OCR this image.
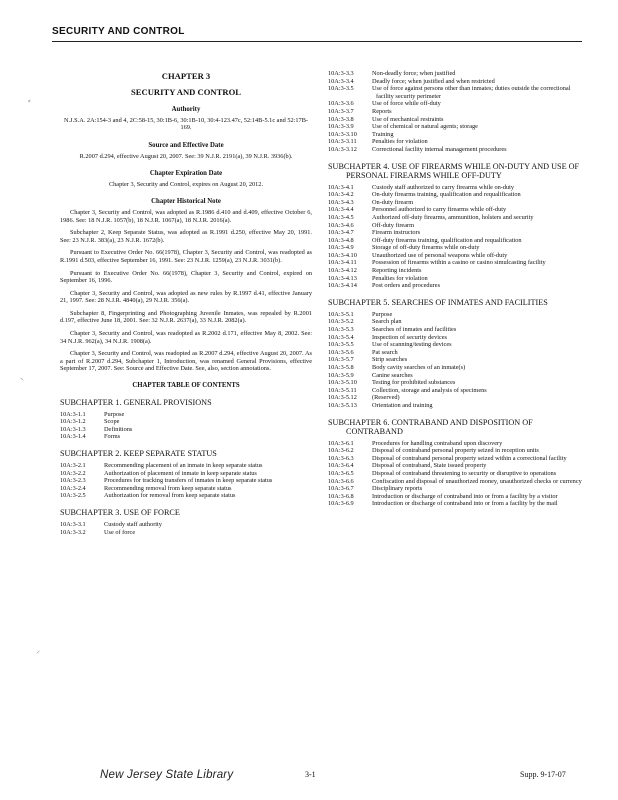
SECURITY AND CONTROL
⸗
⸜
⸝
CHAPTER 3
SECURITY AND CONTROL
Authority
N.J.S.A. 2A:154-3 and 4, 2C:58-15, 30:1B-6, 30:1B-10, 30:4-123.47c, 52:14B-5.1c and 52:17B-169.
Source and Effective Date
R.2007 d.294, effective August 20, 2007. See: 39 N.J.R. 2191(a), 39 N.J.R. 3936(b).
Chapter Expiration Date
Chapter 3, Security and Control, expires on August 20, 2012.
Chapter Historical Note

Chapter 3, Security and Control, was adopted as R.1986 d.410 and d.409, effective October 6, 1986. See: 18 N.J.R. 1057(b), 18 N.J.R. 1067(a), 18 N.J.R. 2016(a).

Subchapter 2, Keep Separate Status, was adopted as R.1991 d.250, effective May 20, 1991. See: 23 N.J.R. 383(a), 23 N.J.R. 1672(b).

Pursuant to Executive Order No. 66(1978), Chapter 3, Security and Control, was readopted as R.1991 d.503, effective September 16, 1991. See: 23 N.J.R. 1259(a), 23 N.J.R. 3031(b).

Pursuant to Executive Order No. 66(1978), Chapter 3, Security and Control, expired on September 16, 1996.

Chapter 3, Security and Control, was adopted as new rules by R.1997 d.41, effective January 21, 1997. See: 28 N.J.R. 4840(a), 29 N.J.R. 356(a).

Subchapter 8, Fingerprinting and Photographing Juvenile Inmates, was repealed by R.2001 d.197, effective June 18, 2001. See: 32 N.J.R. 2637(a), 33 N.J.R. 2082(a).

Chapter 3, Security and Control, was readopted as R.2002 d.171, effective May 8, 2002. See: 34 N.J.R. 962(a), 34 N.J.R. 1908(a).

Chapter 3, Security and Control, was readopted as R.2007 d.294, effective August 20, 2007. As a part of R.2007 d.294, Subchapter 1, Introduction, was renamed General Provisions, effective September 17, 2007. See: Source and Effective Date. See, also, section annotations.

CHAPTER TABLE OF CONTENTS
SUBCHAPTER 1. GENERAL PROVISIONS
10A:3-1.1	Purpose
10A:3-1.2	Scope
10A:3-1.3	Definitions
10A:3-1.4	Forms
SUBCHAPTER 2. KEEP SEPARATE STATUS
10A:3-2.1	Recommending placement of an inmate in keep separate status
10A:3-2.2	Authorization of placement of inmate in keep separate status
10A:3-2.3	Procedures for tracking transfers of inmates in keep separate status
10A:3-2.4	Recommending removal from keep separate status
10A:3-2.5	Authorization for removal from keep separate status
SUBCHAPTER 3. USE OF FORCE
10A:3-3.1	Custody staff authority
10A:3-3.2	Use of force
10A:3-3.3	Non-deadly force; when justified
10A:3-3.4	Deadly force; when justified and when restricted
10A:3-3.5	Use of force against persons other than inmates; duties outside the correctional facility security perimeter
10A:3-3.6	Use of force while off-duty
10A:3-3.7	Reports
10A:3-3.8	Use of mechanical restraints
10A:3-3.9	Use of chemical or natural agents; storage
10A:3-3.10	Training
10A:3-3.11	Penalties for violation
10A:3-3.12	Correctional facility internal management procedures
SUBCHAPTER 4. USE OF FIREARMS WHILE ON-DUTY AND USE OF PERSONAL FIREARMS WHILE OFF-DUTY
10A:3-4.1	Custody staff authorized to carry firearms while on-duty
10A:3-4.2	On-duty firearms training, qualification and requalification
10A:3-4.3	On-duty firearm
10A:3-4.4	Personnel authorized to carry firearms while off-duty
10A:3-4.5	Authorized off-duty firearms, ammunition, holsters and security
10A:3-4.6	Off-duty firearm
10A:3-4.7	Firearm instructors
10A:3-4.8	Off-duty firearms training, qualification and requalification
10A:3-4.9	Storage of off-duty firearms while on-duty
10A:3-4.10	Unauthorized use of personal weapons while off-duty
10A:3-4.11	Possession of firearms within a casino or casino simulcasting facility
10A:3-4.12	Reporting incidents
10A:3-4.13	Penalties for violation
10A:3-4.14	Post orders and procedures
SUBCHAPTER 5. SEARCHES OF INMATES AND FACILITIES
10A:3-5.1	Purpose
10A:3-5.2	Search plan
10A:3-5.3	Searches of inmates and facilities
10A:3-5.4	Inspection of security devices
10A:3-5.5	Use of scanning/testing devices
10A:3-5.6	Pat search
10A:3-5.7	Strip searches
10A:3-5.8	Body cavity searches of an inmate(s)
10A:3-5.9	Canine searches
10A:3-5.10	Testing for prohibited substances
10A:3-5.11	Collection, storage and analysis of specimens
10A:3-5.12	(Reserved)
10A:3-5.13	Orientation and training
SUBCHAPTER 6. CONTRABAND AND DISPOSITION OF CONTRABAND
10A:3-6.1	Procedures for handling contraband upon discovery
10A:3-6.2	Disposal of contraband personal property seized in reception units
10A:3-6.3	Disposal of contraband personal property seized within a correctional facility
10A:3-6.4	Disposal of contraband, State issued property
10A:3-6.5	Disposal of contraband threatening to security or disruptive to operations
10A:3-6.6	Confiscation and disposal of unauthorized money, unauthorized checks or currency
10A:3-6.7	Disciplinary reports
10A:3-6.8	Introduction or discharge of contraband into or from a facility by a visitor
10A:3-6.9	Introduction or discharge of contraband into or from a facility by the mail
New Jersey State Library	3-1	Supp. 9-17-07
